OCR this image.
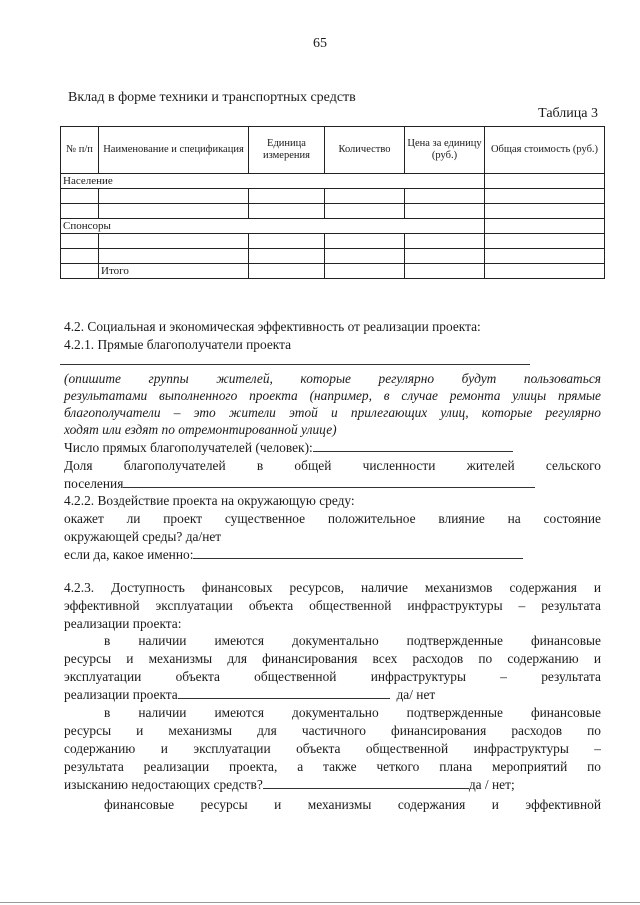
65
Вклад в форме техники и транспортных средств
Таблица 3
№ п/п	Наименование и спецификация	Единица измерения	Количество	Цена за единицу (руб.)	Общая стоимость (руб.)
Население					

Спонсоры					

	Итого				
4.2. Социальная и экономическая эффективность от реализации проекта:
4.2.1. Прямые благополучатели проекта
(опишите группы жителей, которые регулярно будут пользоваться
результатами выполненного проекта (например, в случае ремонта улицы прямые
благополучатели – это жители этой и прилегающих улиц, которые регулярно
ходят или ездят по отремонтированной улице)
Число прямых благополучателей (человек):
Доля благополучателей в общей численности жителей сельского
поселения
4.2.2. Воздействие проекта на окружающую среду:
окажет ли проект существенное положительное влияние на состояние
окружающей среды? да/нет
если да, какое именно:
4.2.3. Доступность финансовых ресурсов, наличие механизмов содержания и
эффективной эксплуатации объекта общественной инфраструктуры – результата
реализации проекта:
в наличии имеются документально подтвержденные финансовые
ресурсы и механизмы для финансирования всех расходов по содержанию и
эксплуатации объекта общественной инфраструктуры – результата
реализации проекта	да/ нет
в наличии имеются документально подтвержденные финансовые
ресурсы и механизмы для частичного финансирования расходов по
содержанию и эксплуатации объекта общественной инфраструктуры –
результата реализации проекта, а также четкого плана мероприятий по
изысканию недостающих средств?	да / нет;
финансовые ресурсы и механизмы содержания и эффективной
